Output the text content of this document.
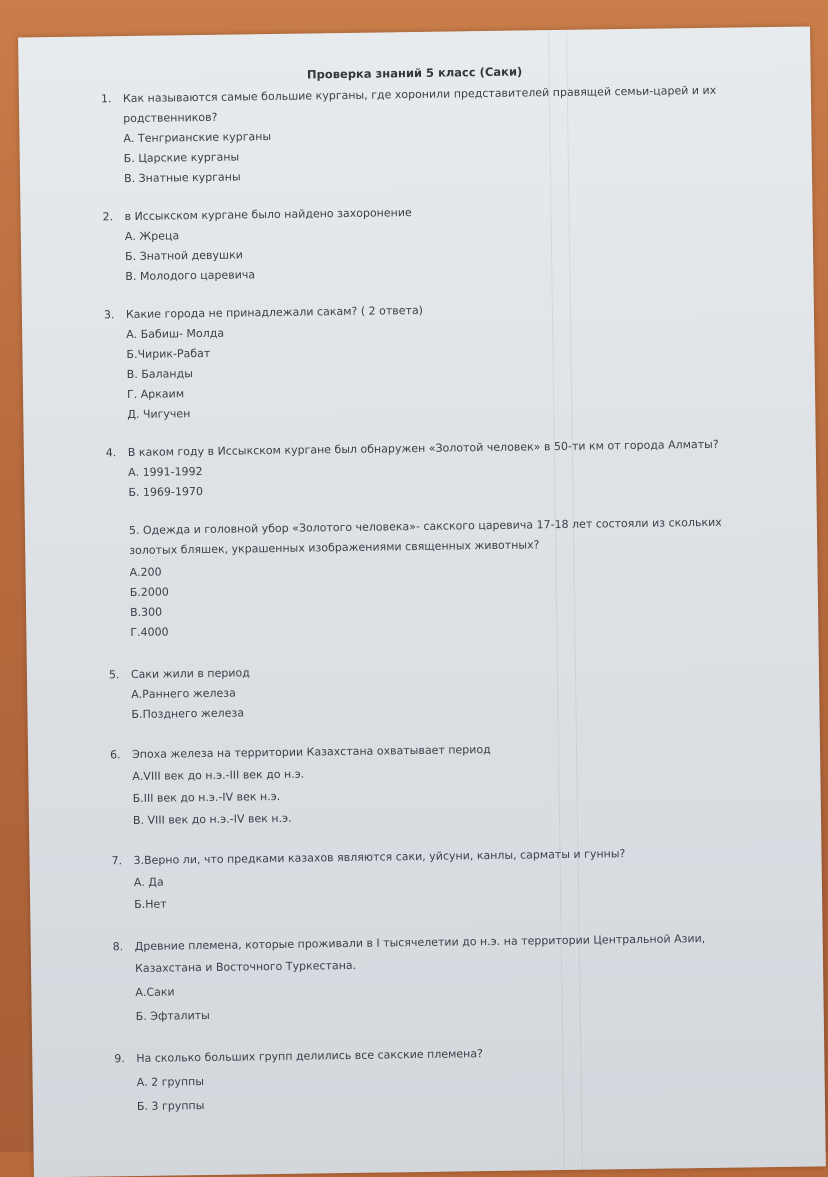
Проверка знаний 5 класс (Саки)
1. Как называются самые большие курганы, где хоронили представителей правящей семьи-царей и их
родственников?
А. Тенгрианские курганы
Б. Царские курганы
В. Знатные курганы
2. в Иссыкском кургане было найдено захоронение
А. Жреца
Б. Знатной девушки
В. Молодого царевича
3. Какие города не принадлежали сакам? ( 2 ответа)
А. Бабиш- Молда
Б.Чирик-Рабат
В. Баланды
Г. Аркаим
Д. Чигучен
4. В каком году в Иссыкском кургане был обнаружен «Золотой человек» в 50-ти км от города Алматы?
А. 1991-1992
Б. 1969-1970
5. Одежда и головной убор «Золотого человека»- сакского царевича 17-18 лет состояли из скольких
золотых бляшек, украшенных изображениями священных животных?
А.200
Б.2000
В.300
Г.4000
5. Саки жили в период
А.Раннего железа
Б.Позднего железа
6. Эпоха железа на территории Казахстана охватывает период
А.VIII век до н.э.-III век до н.э.
Б.III век до н.э.-IV век н.э.
В. VIII век до н.э.-IV век н.э.
7. 3.Верно ли, что предками казахов являются саки, уйсуни, канлы, сарматы и гунны?
А. Да
Б.Нет
8. Древние племена, которые проживали в I тысячелетии до н.э. на территории Центральной Азии,
Казахстана и Восточного Туркестана.
А.Саки
Б. Эфталиты
9. На сколько больших групп делились все сакские племена?
А. 2 группы
Б. 3 группы
